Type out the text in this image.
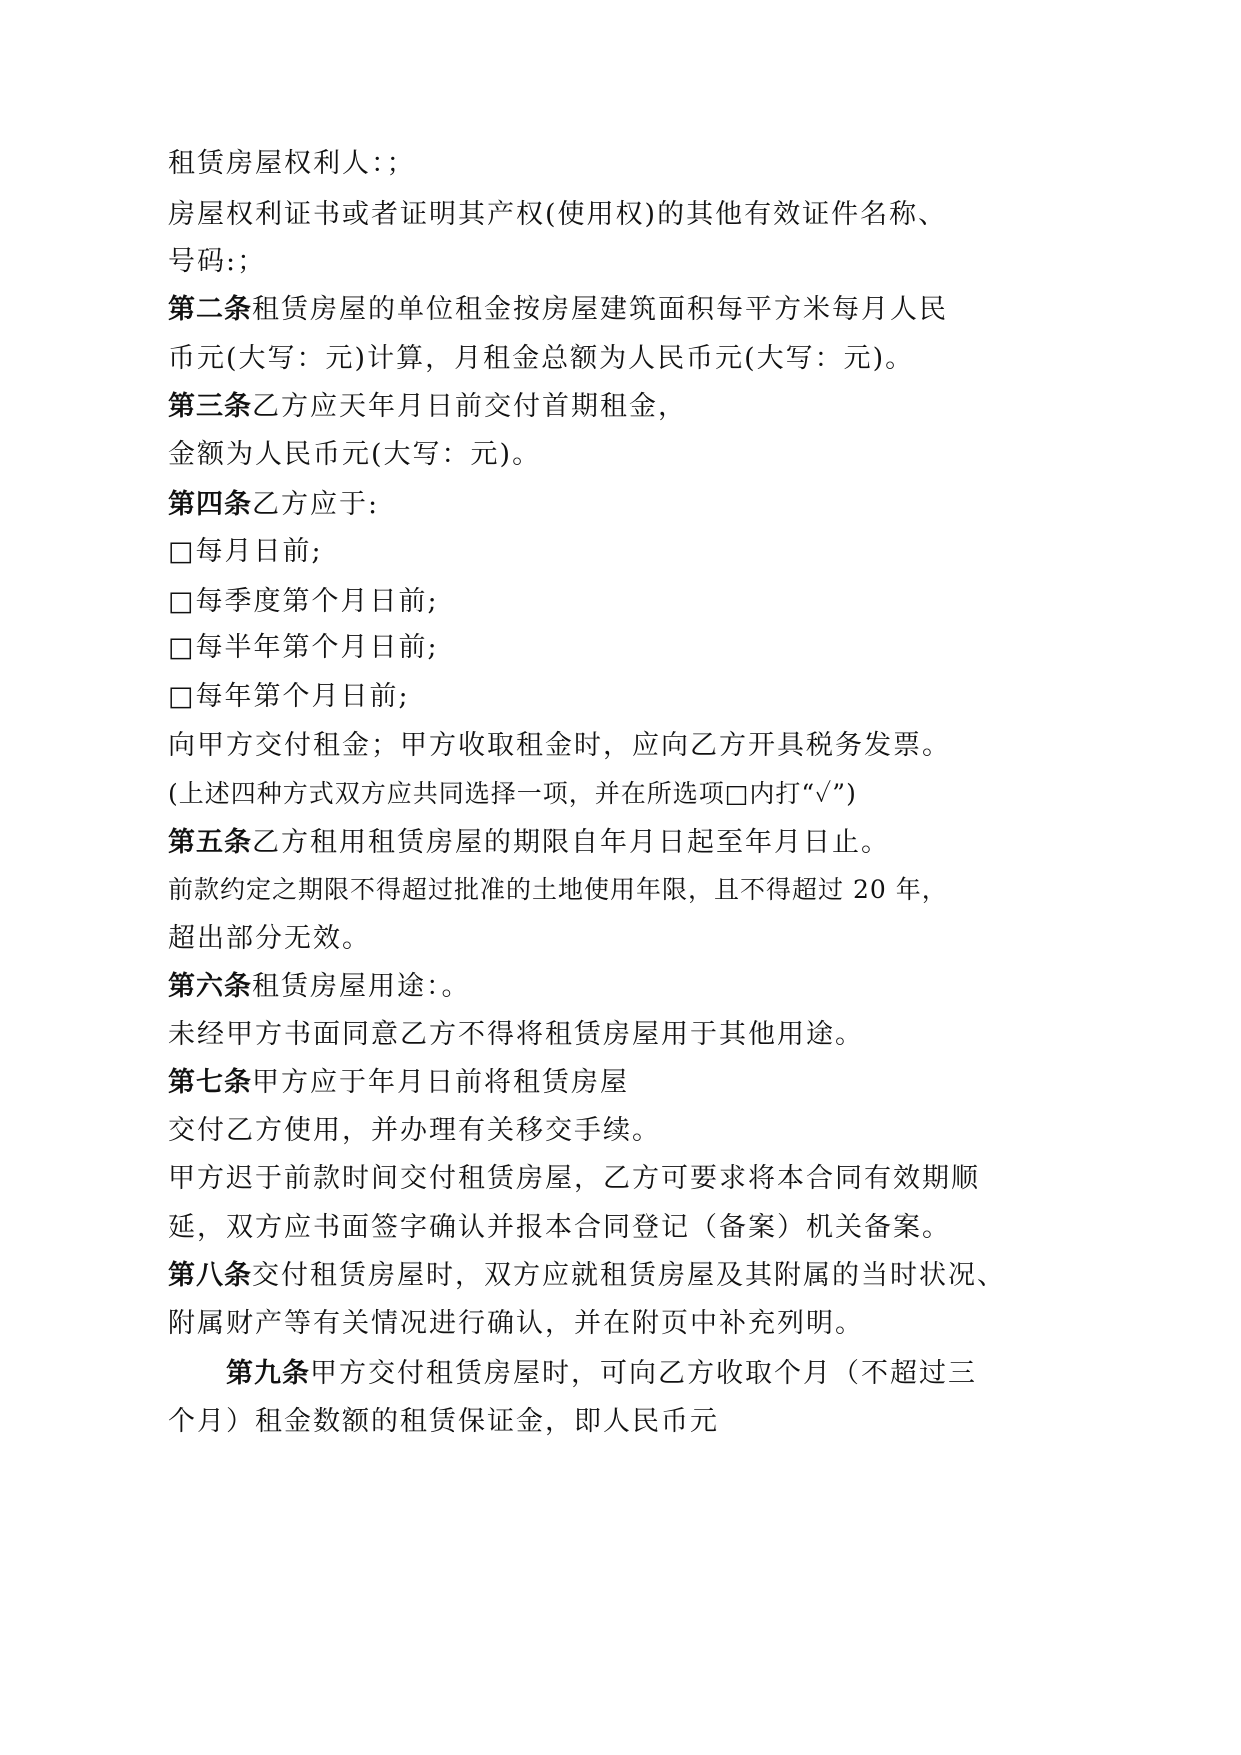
租赁房屋权利人：；

房屋权利证书或者证明其产权(使用权)的其他有效证件名称、

号码:；

第二条租赁房屋的单位租金按房屋建筑面积每平方米每月人民

币元(大写：元)计算，月租金总额为人民币元(大写：元)。

第三条乙方应天年月日前交付首期租金，

金额为人民币元(大写：元)。

第四条乙方应于:

□每月日前;

□每季度第个月日前;

□每半年第个月日前;

□每年第个月日前;

向甲方交付租金；甲方收取租金时，应向乙方开具税务发票。

(上述四种方式双方应共同选择一项，并在所选项□内打“✓”)

第五条乙方租用租赁房屋的期限自年月日起至年月日止。

前款约定之期限不得超过批准的土地使用年限，且不得超过 20 年，

超出部分无效。

第六条租赁房屋用途：。

未经甲方书面同意乙方不得将租赁房屋用于其他用途。

第七条甲方应于年月日前将租赁房屋

交付乙方使用，并办理有关移交手续。

甲方迟于前款时间交付租赁房屋，乙方可要求将本合同有效期顺

延，双方应书面签字确认并报本合同登记（备案）机关备案。

第八条交付租赁房屋时，双方应就租赁房屋及其附属的当时状况、

附属财产等有关情况进行确认，并在附页中补充列明。

第九条甲方交付租赁房屋时，可向乙方收取个月（不超过三

个月）租金数额的租赁保证金，即人民币元
